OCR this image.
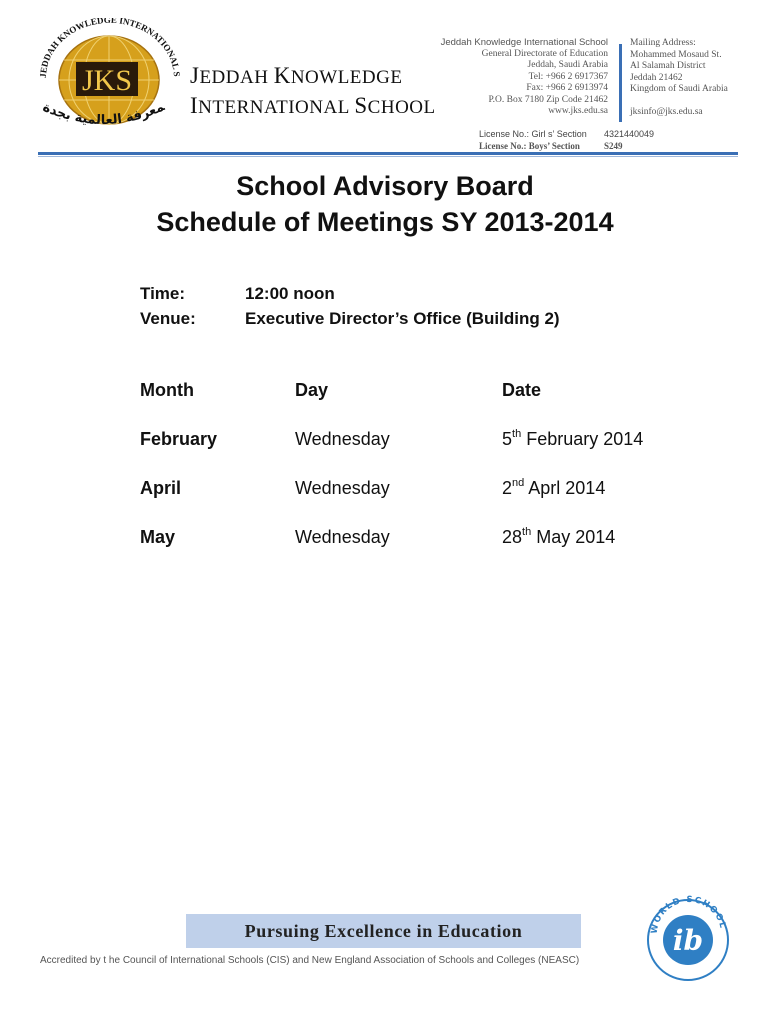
JKS
JEDDAH KNOWLEDGE INTERNATIONAL S
معرفة العالمية بجدة
JEDDAH KNOWLEDGE
INTERNATIONAL SCHOOL
Jeddah Knowledge International School
General Directorate of Education
Jeddah, Saudi Arabia
Tel: +966 2 6917367
Fax: +966 2 6913974
P.O. Box 7180 Zip Code 21462
www.jks.edu.sa
Mailing Address:
Mohammed Mosaud St.
Al Salamah District
Jeddah 21462
Kingdom of Saudi Arabia
jksinfo@jks.edu.sa
License No.: Girl s’ Section 4321440049
License No.: Boys’ Section	S249
School Advisory Board
Schedule of Meetings SY 2013-2014
Time:	12:00 noon
Venue:	Executive Director’s Office (Building 2)
Month	Day	Date
February	Wednesday	5th February 2014
April	Wednesday	2nd Aprl 2014
May	Wednesday	28th May 2014
Pursuing Excellence in Education
Accredited by t he Council of International Schools (CIS) and New England Association of Schools and Colleges (NEASC)
ib
WORLD SCHOOL
